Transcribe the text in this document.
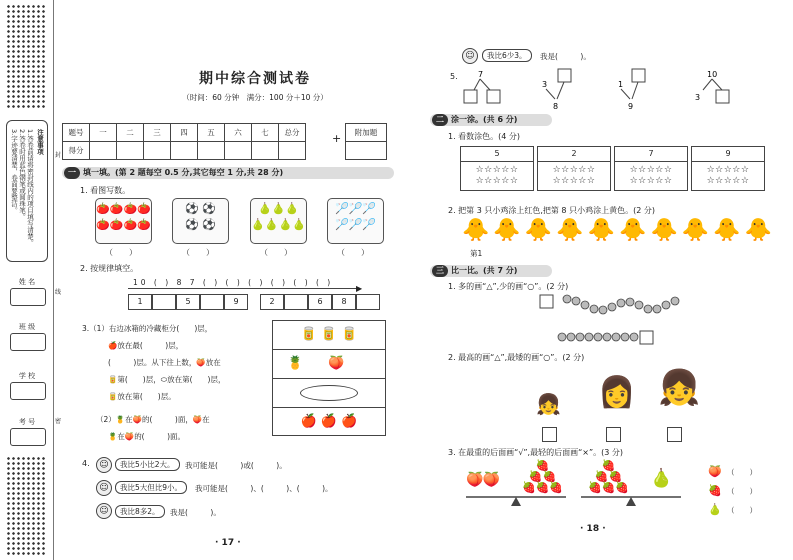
注意事项
1.答卷前请将密封线内的项目填写清楚。
2.答卷时用蓝色钢笔或圆珠笔。
3.字迹要清楚，卷面要整洁。
姓 名
班 级
学 校
考 号
封
线
密
期中综合测试卷
（时间：60 分钟　满分：100 分＋10 分）
题号	一	二	三	四	五	六	七	总分
得分								
+ 附加题

一 填一填。(第 2 题每空 0.5 分,其它每空 1 分,共 28 分)
1. 看图写数。
🍅🍅🍅🍅
🍅🍅🍅🍅
⚽ ⚽
⚽ ⚽
🍐🍐🍐
🍐🍐🍐🍐
🏸🏸🏸
🏸🏸🏸
（　　）	（　　）	（　　）	（　　）
2. 按规律填空。
▶
10 ( ) 8 7 ( ) ( ) ( ) ( ) ( ) ( )
1	5	9	2	6	8
3.（1）右边冰箱的冷藏柜分(　　)层，
🍎放在最(　　　)层，
(　　　)层。从下往上数，🍑放在
🥫第(　　)层，⬭放在第(　　)层，
🥫放在第(　　)层。
（2）🍍在🍑的(　　　)面，🍑在
🍍在🍑的(　　　)面。
🥫 🥫 🥫
🍍 🍑
🍎 🍎 🍎
4.	☺	我比5小比2大。	我可能是(　　　)或(　　　)。
☺	我比5大但比9小。	我可能是(　　　)、(　　　)、(　　　)。
☺	我比8多2。	我是(　　　)。
· 17 ·
☺	我比6少3。	我是(　　　)。
5.	7
3
8
1
9
10
3
二 涂一涂。(共 6 分)
1. 看数涂色。(4 分)
5
☆☆☆☆☆
☆☆☆☆☆
2
☆☆☆☆☆
☆☆☆☆☆
7
☆☆☆☆☆
☆☆☆☆☆
9
☆☆☆☆☆
☆☆☆☆☆
2. 把第 3 只小鸡涂上红色,把第 8 只小鸡涂上黄色。(2 分)
🐥🐥🐥🐥🐥🐥🐥🐥🐥🐥
第1
三 比一比。(共 7 分)
1. 多的画“△”,少的画“○”。(2 分)
2. 最高的画“△”,最矮的画“○”。(2 分)
👧 👩 👧
3. 在最重的后面画“√”,最轻的后面画“×”。(3 分)
🍑🍑
🍓
🍓🍓
🍓🍓🍓
🍓
🍓🍓
🍓🍓🍓 🍐	🍑 （　　）
🍓 （　　）
🍐 （　　）
· 18 ·
